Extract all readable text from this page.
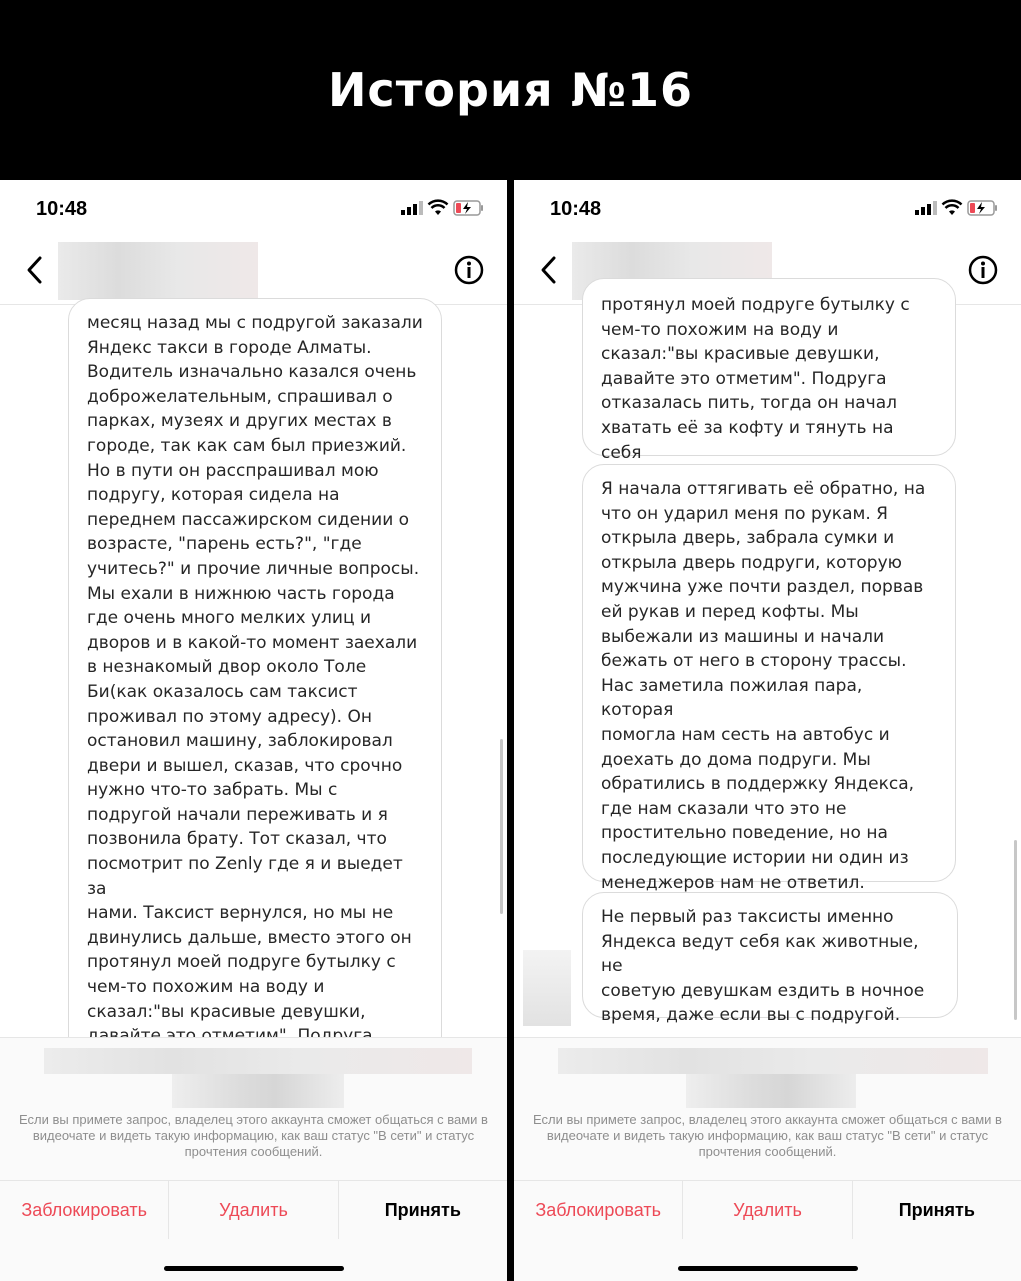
История №16
10:48
месяц назад мы с подругой заказали
Яндекс такси в городе Алматы.
Водитель изначально казался очень
доброжелательным, спрашивал о
парках, музеях и других местах в
городе, так как сам был приезжий.
Но в пути он расспрашивал мою
подругу, которая сидела на
переднем пассажирском сидении о
возрасте, "парень есть?", "где
учитесь?" и прочие личные вопросы.
Мы ехали в нижнюю часть города
где очень много мелких улиц и
дворов и в какой-то момент заехали
в незнакомый двор около Толе
Би(как оказалось сам таксист
проживал по этому адресу). Он
остановил машину, заблокировал
двери и вышел, сказав, что срочно
нужно что-то забрать. Мы с
подругой начали переживать и я
позвонила брату. Тот сказал, что
посмотрит по Zenly где я и выедет за
нами. Таксист вернулся, но мы не
двинулись дальше, вместо этого он
протянул моей подруге бутылку с
чем-то похожим на воду и
сказал:"вы красивые девушки,

Если вы примете запрос, владелец этого аккаунта сможет общаться с вами в видеочате и видеть такую информацию, как ваш статус "В сети" и статус прочтения сообщений.
Заблокировать	Удалить	Принять
10:48
протянул моей подруге бутылку с
чем-то похожим на воду и
сказал:"вы красивые девушки,
давайте это отметим". Подруга
отказалась пить, тогда он начал
хватать её за кофту и тянуть на себя
Я начала оттягивать её обратно, на
что он ударил меня по рукам. Я
открыла дверь, забрала сумки и
открыла дверь подруги, которую
мужчина уже почти раздел, порвав
ей рукав и перед кофты. Мы
выбежали из машины и начали
бежать от него в сторону трассы.
Нас заметила пожилая пара, которая
помогла нам сесть на автобус и
доехать до дома подруги. Мы
обратились в поддержку Яндекса,
где нам сказали что это не
простительно поведение, но на
последующие истории ни один из
менеджеров нам не ответил.
Не первый раз таксисты именно
Яндекса ведут себя как животные, не
советую девушкам ездить в ночное
время, даже если вы с подругой.
Если вы примете запрос, владелец этого аккаунта сможет общаться с вами в видеочате и видеть такую информацию, как ваш статус "В сети" и статус прочтения сообщений.
Заблокировать	Удалить	Принять
